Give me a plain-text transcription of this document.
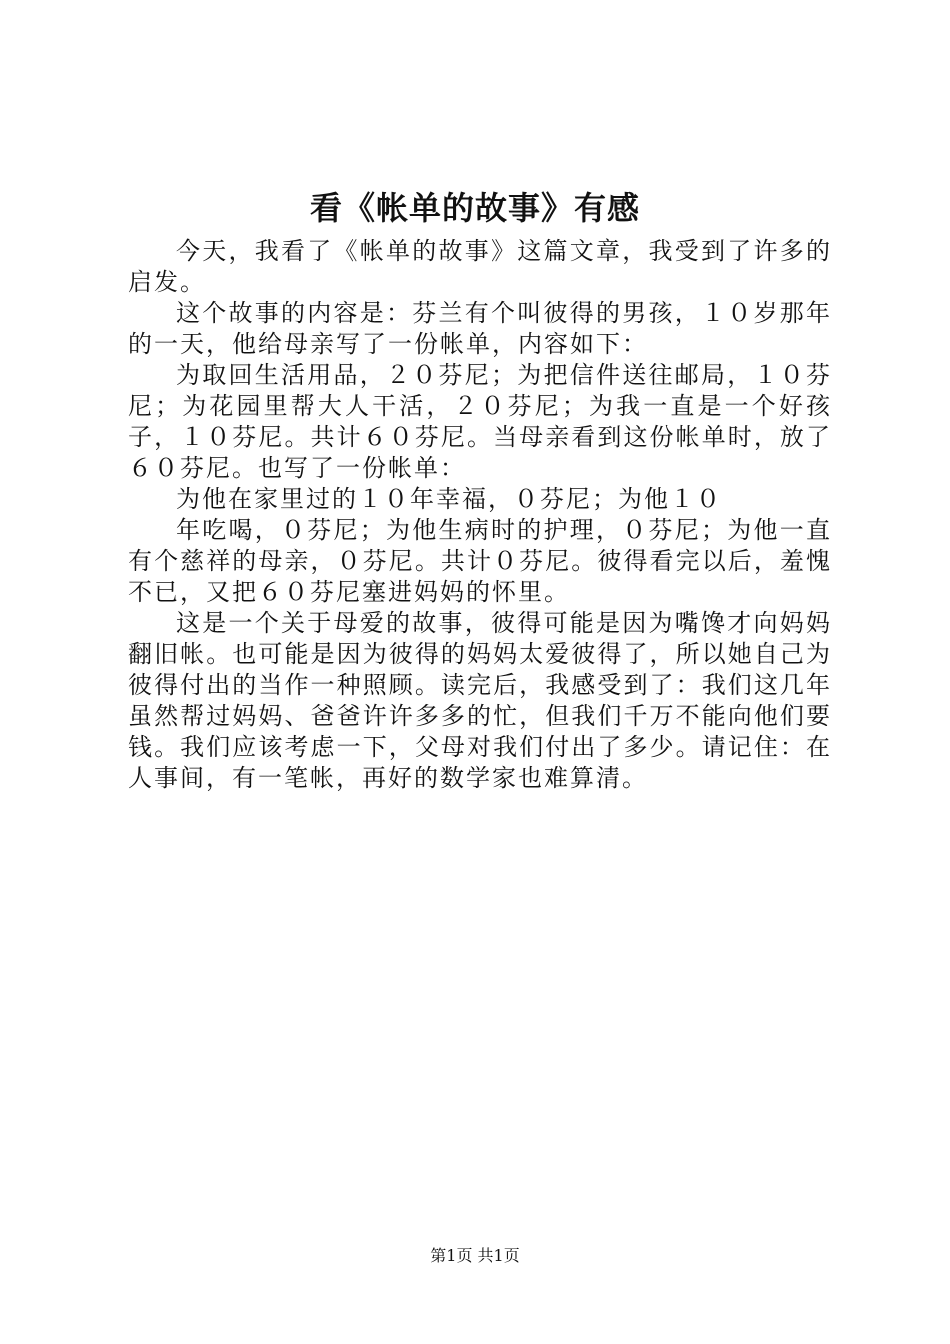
看《帐单的故事》有感

今天，我看了《帐单的故事》这篇文章，我受到了许多的启发。

这个故事的内容是：芬兰有个叫彼得的男孩，１０岁那年的一天，他给母亲写了一份帐单，内容如下：

为取回生活用品，２０芬尼；为把信件送往邮局，１０芬尼；为花园里帮大人干活，２０芬尼；为我一直是一个好孩子，１０芬尼。共计６０芬尼。当母亲看到这份帐单时，放了６０芬尼。也写了一份帐单：

为他在家里过的１０年幸福，０芬尼；为他１０

年吃喝，０芬尼；为他生病时的护理，０芬尼；为他一直有个慈祥的母亲，０芬尼。共计０芬尼。彼得看完以后，羞愧不已，又把６０芬尼塞进妈妈的怀里。

这是一个关于母爱的故事，彼得可能是因为嘴馋才向妈妈翻旧帐。也可能是因为彼得的妈妈太爱彼得了，所以她自己为彼得付出的当作一种照顾。读完后，我感受到了：我们这几年虽然帮过妈妈、爸爸许许多多的忙，但我们千万不能向他们要钱。我们应该考虑一下，父母对我们付出了多少。请记住：在人事间，有一笔帐，再好的数学家也难算清。

第1页 共1页
